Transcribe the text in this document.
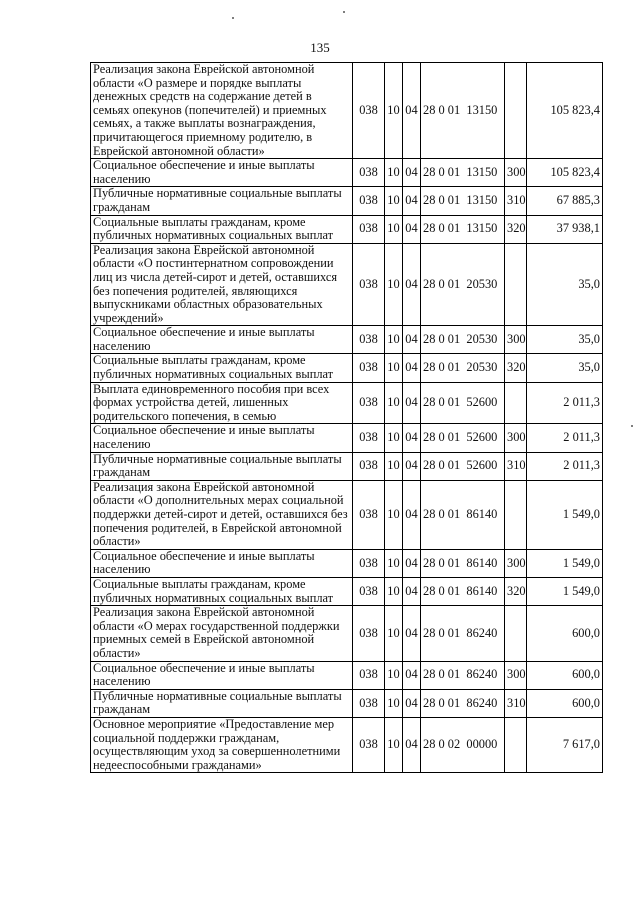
135
Реализация закона Еврейской автономной области «О размере и порядке выплаты денежных средств на содержание детей в семьях опекунов (попечителей) и приемных семьях, а также выплаты вознаграждения, причитающегося приемному родителю, в Еврейской автономной области»	038	10	04	28 0 01  13150		105 823,4
Социальное обеспечение и иные выплаты населению	038	10	04	28 0 01  13150	300	105 823,4
Публичные нормативные социальные выплаты гражданам	038	10	04	28 0 01  13150	310	67 885,3
Социальные выплаты гражданам, кроме публичных нормативных социальных выплат	038	10	04	28 0 01  13150	320	37 938,1
Реализация закона Еврейской автономной области «О постинтернатном сопровождении лиц из числа детей-сирот и детей, оставшихся без попечения родителей, являющихся выпускниками областных образовательных учреждений»	038	10	04	28 0 01  20530		35,0
Социальное обеспечение и иные выплаты населению	038	10	04	28 0 01  20530	300	35,0
Социальные выплаты гражданам, кроме публичных нормативных социальных выплат	038	10	04	28 0 01  20530	320	35,0
Выплата единовременного пособия при всех формах устройства детей, лишенных родительского попечения, в семью	038	10	04	28 0 01  52600		2 011,3
Социальное обеспечение и иные выплаты населению	038	10	04	28 0 01  52600	300	2 011,3
Публичные нормативные социальные выплаты гражданам	038	10	04	28 0 01  52600	310	2 011,3
Реализация закона Еврейской автономной области «О дополнительных мерах социальной поддержки детей-сирот и детей, оставшихся без попечения родителей, в Еврейской автономной области»	038	10	04	28 0 01  86140		1 549,0
Социальное обеспечение и иные выплаты населению	038	10	04	28 0 01  86140	300	1 549,0
Социальные выплаты гражданам, кроме публичных нормативных социальных выплат	038	10	04	28 0 01  86140	320	1 549,0
Реализация закона Еврейской автономной области «О мерах государственной поддержки приемных семей в Еврейской автономной области»	038	10	04	28 0 01  86240		600,0
Социальное обеспечение и иные выплаты населению	038	10	04	28 0 01  86240	300	600,0
Публичные нормативные социальные выплаты гражданам	038	10	04	28 0 01  86240	310	600,0
Основное мероприятие «Предоставление мер социальной поддержки гражданам, осуществляющим уход за совершеннолетними недееспособными гражданами»	038	10	04	28 0 02  00000		7 617,0
